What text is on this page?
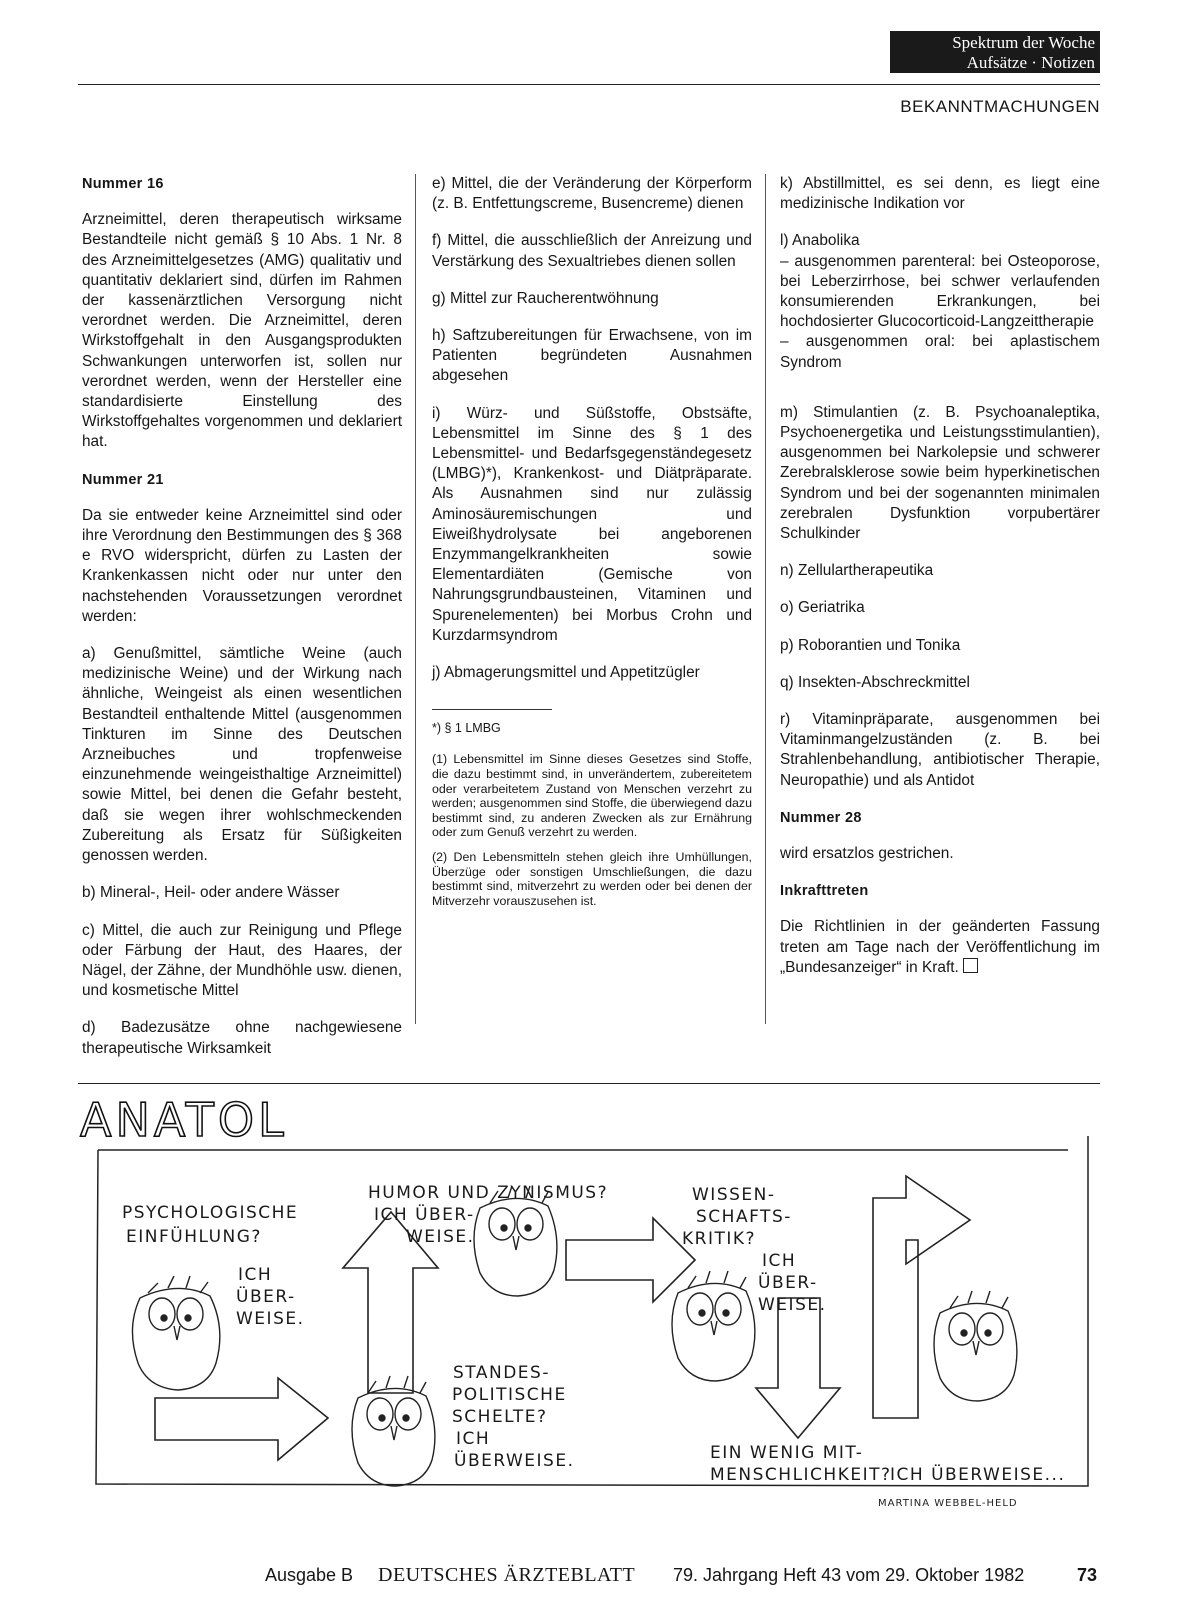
Spektrum der Woche
Aufsätze · Notizen
BEKANNTMACHUNGEN
Nummer 16

Arzneimittel, deren therapeutisch wirksame Bestandteile nicht gemäß § 10 Abs. 1 Nr. 8 des Arzneimittelgesetzes (AMG) qualitativ und quantitativ deklariert sind, dürfen im Rahmen der kassenärztlichen Versorgung nicht verordnet werden. Die Arzneimittel, deren Wirkstoffgehalt in den Ausgangsprodukten Schwankungen unterworfen ist, sollen nur verordnet werden, wenn der Hersteller eine standardisierte Einstellung des Wirkstoffgehaltes vorgenommen und deklariert hat.

Nummer 21

Da sie entweder keine Arzneimittel sind oder ihre Verordnung den Bestimmungen des § 368 e RVO widerspricht, dürfen zu Lasten der Krankenkassen nicht oder nur unter den nachstehenden Voraussetzungen verordnet werden:

a) Genußmittel, sämtliche Weine (auch medizinische Weine) und der Wirkung nach ähnliche, Weingeist als einen wesentlichen Bestandteil enthaltende Mittel (ausgenommen Tinkturen im Sinne des Deutschen Arzneibuches und tropfenweise einzunehmende weingeisthaltige Arzneimittel) sowie Mittel, bei denen die Gefahr besteht, daß sie wegen ihrer wohlschmeckenden Zubereitung als Ersatz für Süßigkeiten genossen werden.

b) Mineral-, Heil- oder andere Wässer

c) Mittel, die auch zur Reinigung und Pflege oder Färbung der Haut, des Haares, der Nägel, der Zähne, der Mundhöhle usw. dienen, und kosmetische Mittel

d) Badezusätze ohne nachgewiesene therapeutische Wirksamkeit

e) Mittel, die der Veränderung der Körperform (z. B. Entfettungscreme, Busencreme) dienen

f) Mittel, die ausschließlich der Anreizung und Verstärkung des Sexualtriebes dienen sollen

g) Mittel zur Raucherentwöhnung

h) Saftzubereitungen für Erwachsene, von im Patienten begründeten Ausnahmen abgesehen

i) Würz- und Süßstoffe, Obstsäfte, Lebensmittel im Sinne des § 1 des Lebensmittel- und Bedarfsgegenständegesetz (LMBG)*), Krankenkost- und Diätpräparate. Als Ausnahmen sind nur zulässig Aminosäuremischungen und Eiweißhydrolysate bei angeborenen Enzymmangelkrankheiten sowie Elementardiäten (Gemische von Nahrungsgrundbausteinen, Vitaminen und Spurenelementen) bei Morbus Crohn und Kurzdarmsyndrom

j) Abmagerungsmittel und Appetitzügler

*) § 1 LMBG
(1) Lebensmittel im Sinne dieses Gesetzes sind Stoffe, die dazu bestimmt sind, in unverändertem, zubereitetem oder verarbeitetem Zustand von Menschen verzehrt zu werden; ausgenommen sind Stoffe, die überwiegend dazu bestimmt sind, zu anderen Zwecken als zur Ernährung oder zum Genuß verzehrt zu werden.
(2) Den Lebensmitteln stehen gleich ihre Umhüllungen, Überzüge oder sonstigen Umschließungen, die dazu bestimmt sind, mitverzehrt zu werden oder bei denen der Mitverzehr vorauszusehen ist.

k) Abstillmittel, es sei denn, es liegt eine medizinische Indikation vor

l) Anabolika

– ausgenommen parenteral: bei Osteoporose, bei Leberzirrhose, bei schwer verlaufenden konsumierenden Erkrankungen, bei hochdosierter Glucocorticoid-Langzeittherapie

– ausgenommen oral: bei aplastischem Syndrom

m) Stimulantien (z. B. Psychoanaleptika, Psychoenergetika und Leistungsstimulantien), ausgenommen bei Narkolepsie und schwerer Zerebralsklerose sowie beim hyperkinetischen Syndrom und bei der sogenannten minimalen zerebralen Dysfunktion vorpubertärer Schulkinder

n) Zellulartherapeutika

o) Geriatrika

p) Roborantien und Tonika

q) Insekten-Abschreckmittel

r) Vitaminpräparate, ausgenommen bei Vitaminmangelzuständen (z. B. bei Strahlenbehandlung, antibiotischer Therapie, Neuropathie) und als Antidot

Nummer 28

wird ersatzlos gestrichen.

Inkrafttreten

Die Richtlinien in der geänderten Fassung treten am Tage nach der Veröffentlichung im „Bundesanzeiger“ in Kraft.

ANATOL
PSYCHOLOGISCHE
EINFÜHLUNG?
ICH
ÜBER-
WEISE.
HUMOR UND ZYNISMUS?
ICH ÜBER-
WEISE.
WISSEN-
SCHAFTS-
KRITIK?
ICH
ÜBER-
WEISE.
STANDES-
POLITISCHE
SCHELTE?
ICH
ÜBERWEISE.	EIN WENIG MIT-
MENSCHLICHKEIT?
ICH ÜBERWEISE...
MARTINA WEBBEL-HELD
Ausgabe B DEUTSCHES ÄRZTEBLATT 79. Jahrgang Heft 43 vom 29. Oktober 1982	73
